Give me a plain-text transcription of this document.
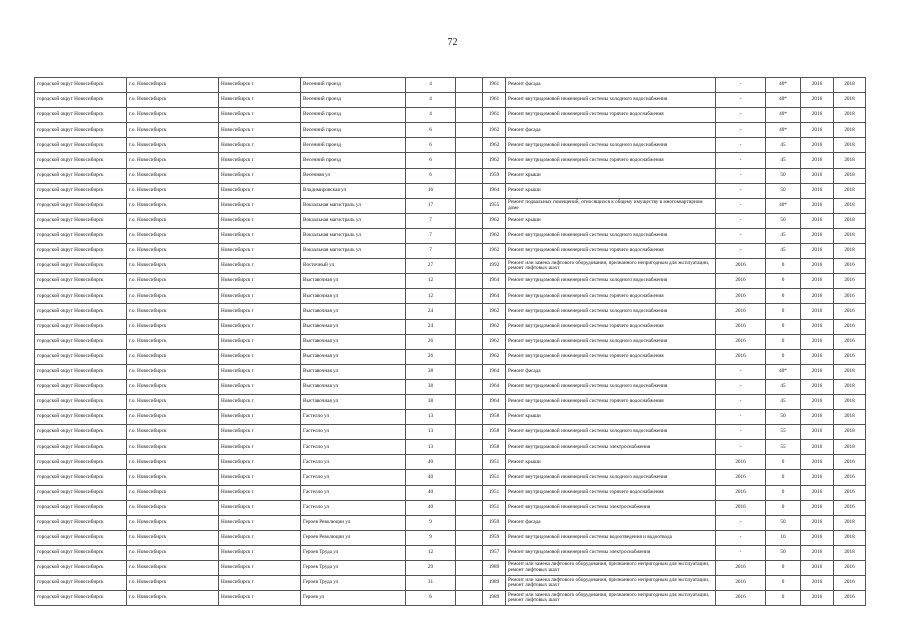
72
городской округ Новосибирск	г.о. Новосибирск	Новосибирск г	Весенний проезд	4		1961	Ремонт фасада	-	40*	2016	2018
городской округ Новосибирск	г.о. Новосибирск	Новосибирск г	Весенний проезд	4		1961	Ремонт внутридомовой инженерной системы холодного водоснабжения	-	40*	2016	2018
городской округ Новосибирск	г.о. Новосибирск	Новосибирск г	Весенний проезд	4		1961	Ремонт внутридомовой инженерной системы горячего водоснабжения	-	40*	2016	2018
городской округ Новосибирск	г.о. Новосибирск	Новосибирск г	Весенний проезд	6		1962	Ремонт фасада	-	40*	2016	2018
городской округ Новосибирск	г.о. Новосибирск	Новосибирск г	Весенний проезд	6		1962	Ремонт внутридомовой инженерной системы холодного водоснабжения	-	45	2016	2018
городской округ Новосибирск	г.о. Новосибирск	Новосибирск г	Весенний проезд	6		1962	Ремонт внутридомовой инженерной системы горячего водоснабжения	-	45	2016	2018
городской округ Новосибирск	г.о. Новосибирск	Новосибирск г	Весенняя ул	6		1959	Ремонт крыши	-	50	2016	2018
городской округ Новосибирск	г.о. Новосибирск	Новосибирск г	Владимировская ул	16		1964	Ремонт крыши	-	50	2016	2018
городской округ Новосибирск	г.о. Новосибирск	Новосибирск г	Вокзальная магистраль ул	17		1955	Ремонт подвальных помещений, относящихся к общему имуществу в многоквартирном доме	-	40*	2016	2018
городской округ Новосибирск	г.о. Новосибирск	Новосибирск г	Вокзальная магистраль ул	7		1962	Ремонт крыши	-	50	2016	2018
городской округ Новосибирск	г.о. Новосибирск	Новосибирск г	Вокзальная магистраль ул	7		1962	Ремонт внутридомовой инженерной системы холодного водоснабжения	-	45	2016	2018
городской округ Новосибирск	г.о. Новосибирск	Новосибирск г	Вокзальная магистраль ул	7		1962	Ремонт внутридомовой инженерной системы горячего водоснабжения	-	45	2016	2018
городской округ Новосибирск	г.о. Новосибирск	Новосибирск г	Восточный ул	27		1992	Ремонт или замена лифтового оборудования, признанного непригодным для эксплуатации, ремонт лифтовых шахт	2016	0	2016	2016
городской округ Новосибирск	г.о. Новосибирск	Новосибирск г	Выставочная ул	12		1964	Ремонт внутридомовой инженерной системы холодного водоснабжения	2016	0	2016	2016
городской округ Новосибирск	г.о. Новосибирск	Новосибирск г	Выставочная ул	12		1964	Ремонт внутридомовой инженерной системы горячего водоснабжения	2016	0	2016	2016
городской округ Новосибирск	г.о. Новосибирск	Новосибирск г	Выставочная ул	24		1962	Ремонт внутридомовой инженерной системы холодного водоснабжения	2016	0	2016	2016
городской округ Новосибирск	г.о. Новосибирск	Новосибирск г	Выставочная ул	24		1962	Ремонт внутридомовой инженерной системы горячего водоснабжения	2016	0	2016	2016
городской округ Новосибирск	г.о. Новосибирск	Новосибирск г	Выставочная ул	26		1962	Ремонт внутридомовой инженерной системы холодного водоснабжения	2016	0	2016	2016
городской округ Новосибирск	г.о. Новосибирск	Новосибирск г	Выставочная ул	26		1962	Ремонт внутридомовой инженерной системы горячего водоснабжения	2016	0	2016	2016
городской округ Новосибирск	г.о. Новосибирск	Новосибирск г	Выставочная ул	38		1964	Ремонт фасада	-	40*	2016	2018
городской округ Новосибирск	г.о. Новосибирск	Новосибирск г	Выставочная ул	38		1964	Ремонт внутридомовой инженерной системы холодного водоснабжения	-	45	2016	2018
городской округ Новосибирск	г.о. Новосибирск	Новосибирск г	Выставочная ул	38		1964	Ремонт внутридомовой инженерной системы горячего водоснабжения	-	45	2016	2018
городской округ Новосибирск	г.о. Новосибирск	Новосибирск г	Гастелло ул	13		1958	Ремонт крыши	-	50	2016	2018
городской округ Новосибирск	г.о. Новосибирск	Новосибирск г	Гастелло ул	13		1958	Ремонт внутридомовой инженерной системы холодного водоснабжения	-	55	2016	2018
городской округ Новосибирск	г.о. Новосибирск	Новосибирск г	Гастелло ул	13		1958	Ремонт внутридомовой инженерной системы электроснабжения	-	55	2016	2018
городской округ Новосибирск	г.о. Новосибирск	Новосибирск г	Гастелло ул	40		1951	Ремонт крыши	2016	0	2016	2016
городской округ Новосибирск	г.о. Новосибирск	Новосибирск г	Гастелло ул	40		1951	Ремонт внутридомовой инженерной системы холодного водоснабжения	2016	0	2016	2016
городской округ Новосибирск	г.о. Новосибирск	Новосибирск г	Гастелло ул	40		1951	Ремонт внутридомовой инженерной системы горячего водоснабжения	2016	0	2016	2016
городской округ Новосибирск	г.о. Новосибирск	Новосибирск г	Гастелло ул	40		1951	Ремонт внутридомовой инженерной системы электроснабжения	2016	0	2016	2016
городской округ Новосибирск	г.о. Новосибирск	Новосибирск г	Героев Революции ул	9		1959	Ремонт фасада	-	50	2016	2018
городской округ Новосибирск	г.о. Новосибирск	Новосибирск г	Героев Революции ул	9		1959	Ремонт внутридомовой инженерной системы водоотведения и водоотвода	-	10	2016	2018
городской округ Новосибирск	г.о. Новосибирск	Новосибирск г	Героев Труда ул	12		1957	Ремонт внутридомовой инженерной системы электроснабжения	-	50	2016	2018
городской округ Новосибирск	г.о. Новосибирск	Новосибирск г	Героев Труда ул	29		1989	Ремонт или замена лифтового оборудования, признанного непригодным для эксплуатации, ремонт лифтовых шахт	2016	0	2016	2016
городской округ Новосибирск	г.о. Новосибирск	Новосибирск г	Героев Труда ул	31		1989	Ремонт или замена лифтового оборудования, признанного непригодным для эксплуатации, ремонт лифтовых шахт	2016	0	2016	2016
городской округ Новосибирск	г.о. Новосибирск	Новосибирск г	Героев ул	6		1989	Ремонт или замена лифтового оборудования, признанного непригодным для эксплуатации, ремонт лифтовых шахт	2016	0	2016	2016
